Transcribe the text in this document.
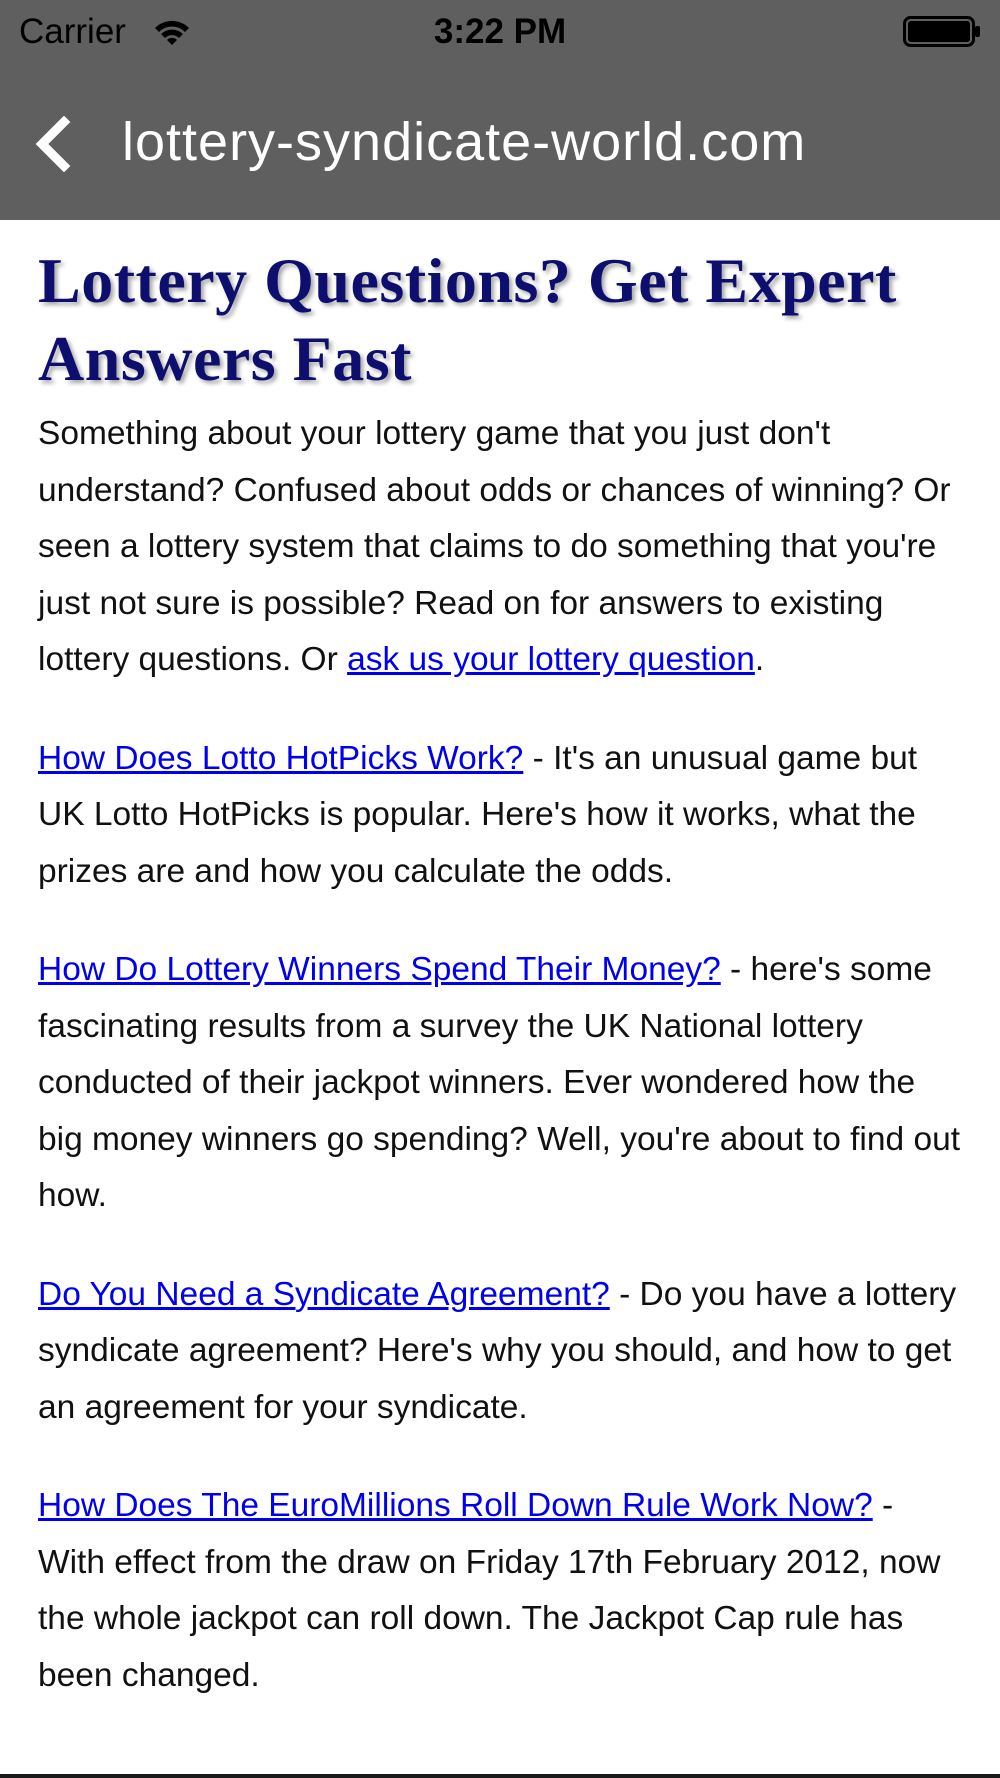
Carrier	3:22 PM
lottery-syndicate-world.com
Lottery Questions? Get Expert Answers Fast

Something about your lottery game that you just don't understand? Confused about odds or chances of winning? Or seen a lottery system that claims to do something that you're just not sure is possible? Read on for answers to existing lottery questions. Or ask us your lottery question.

How Does Lotto HotPicks Work? - It's an unusual game but UK Lotto HotPicks is popular. Here's how it works, what the prizes are and how you calculate the odds.

How Do Lottery Winners Spend Their Money? - here's some fascinating results from a survey the UK National lottery conducted of their jackpot winners. Ever wondered how the big money winners go spending? Well, you're about to find out how.

Do You Need a Syndicate Agreement? - Do you have a lottery syndicate agreement? Here's why you should, and how to get an agreement for your syndicate.

How Does The EuroMillions Roll Down Rule Work Now? - With effect from the draw on Friday 17th February 2012, now the whole jackpot can roll down. The Jackpot Cap rule has been changed.
